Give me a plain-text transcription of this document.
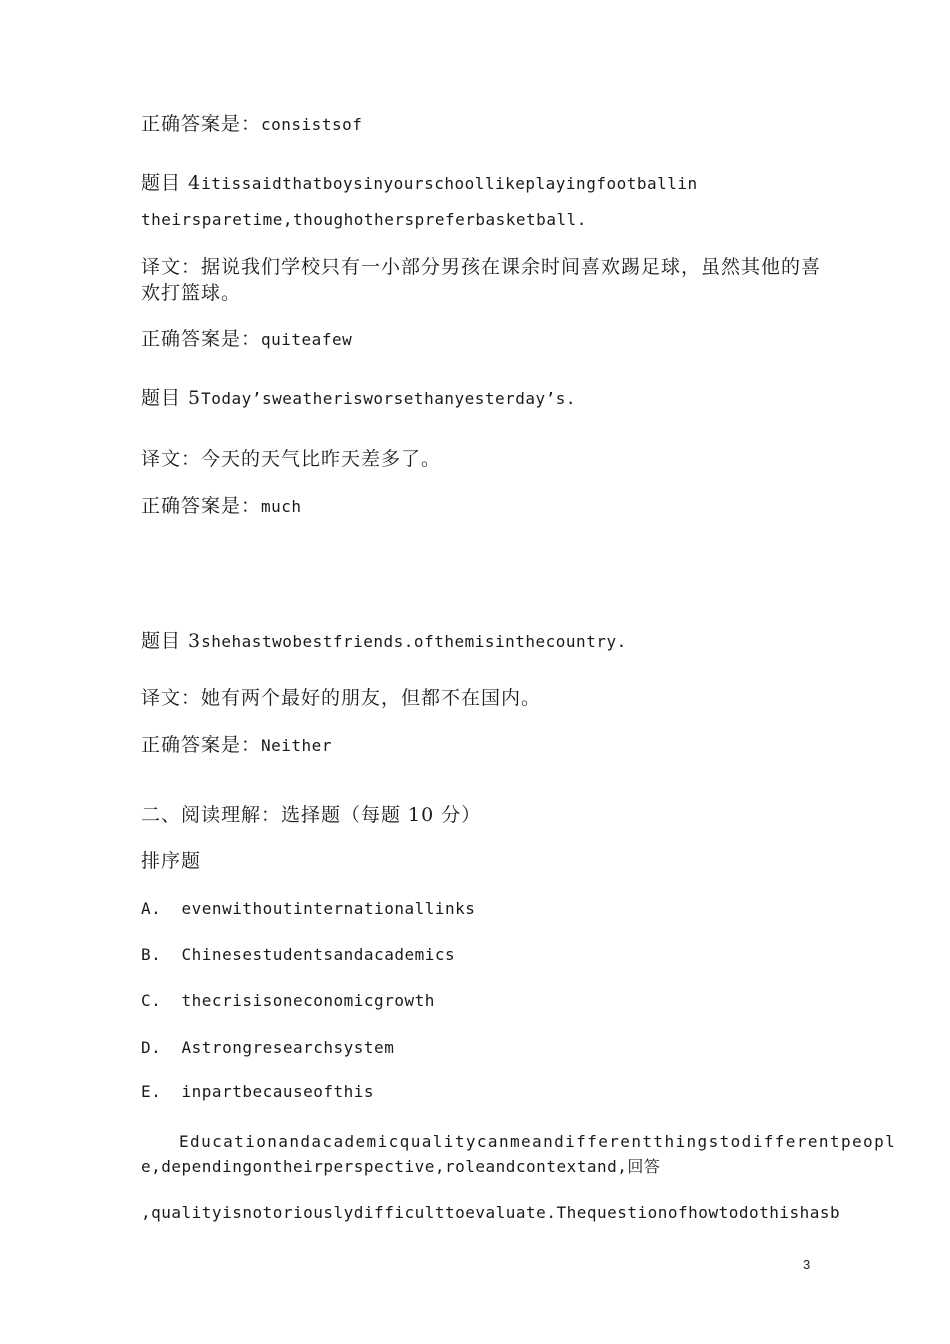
正确答案是：consistsof
题目 4itissaidthatboysinyourschoollikeplayingfootballin
theirsparetime,thoughotherspreferbasketball.
译文：据说我们学校只有一小部分男孩在课余时间喜欢踢足球，虽然其他的喜
欢打篮球。
正确答案是：quiteafew
题目 5Today’sweatherisworsethanyesterday’s.
译文：今天的天气比昨天差多了。
正确答案是：much
题目 3shehastwobestfriends.ofthemisinthecountry.
译文：她有两个最好的朋友，但都不在国内。
正确答案是：Neither
二、阅读理解：选择题（每题 10 分）
排序题
A. evenwithoutinternationallinks
B. Chinesestudentsandacademics
C. thecrisisoneconomicgrowth
D. Astrongresearchsystem
E. inpartbecauseofthis
Educationandacademicqualitycanmeandifferentthingstodifferentpeopl
e,dependingontheirperspective,roleandcontextand,回答
,qualityisnotoriouslydifficulttoevaluate.Thequestionofhowtodothishasb
3
